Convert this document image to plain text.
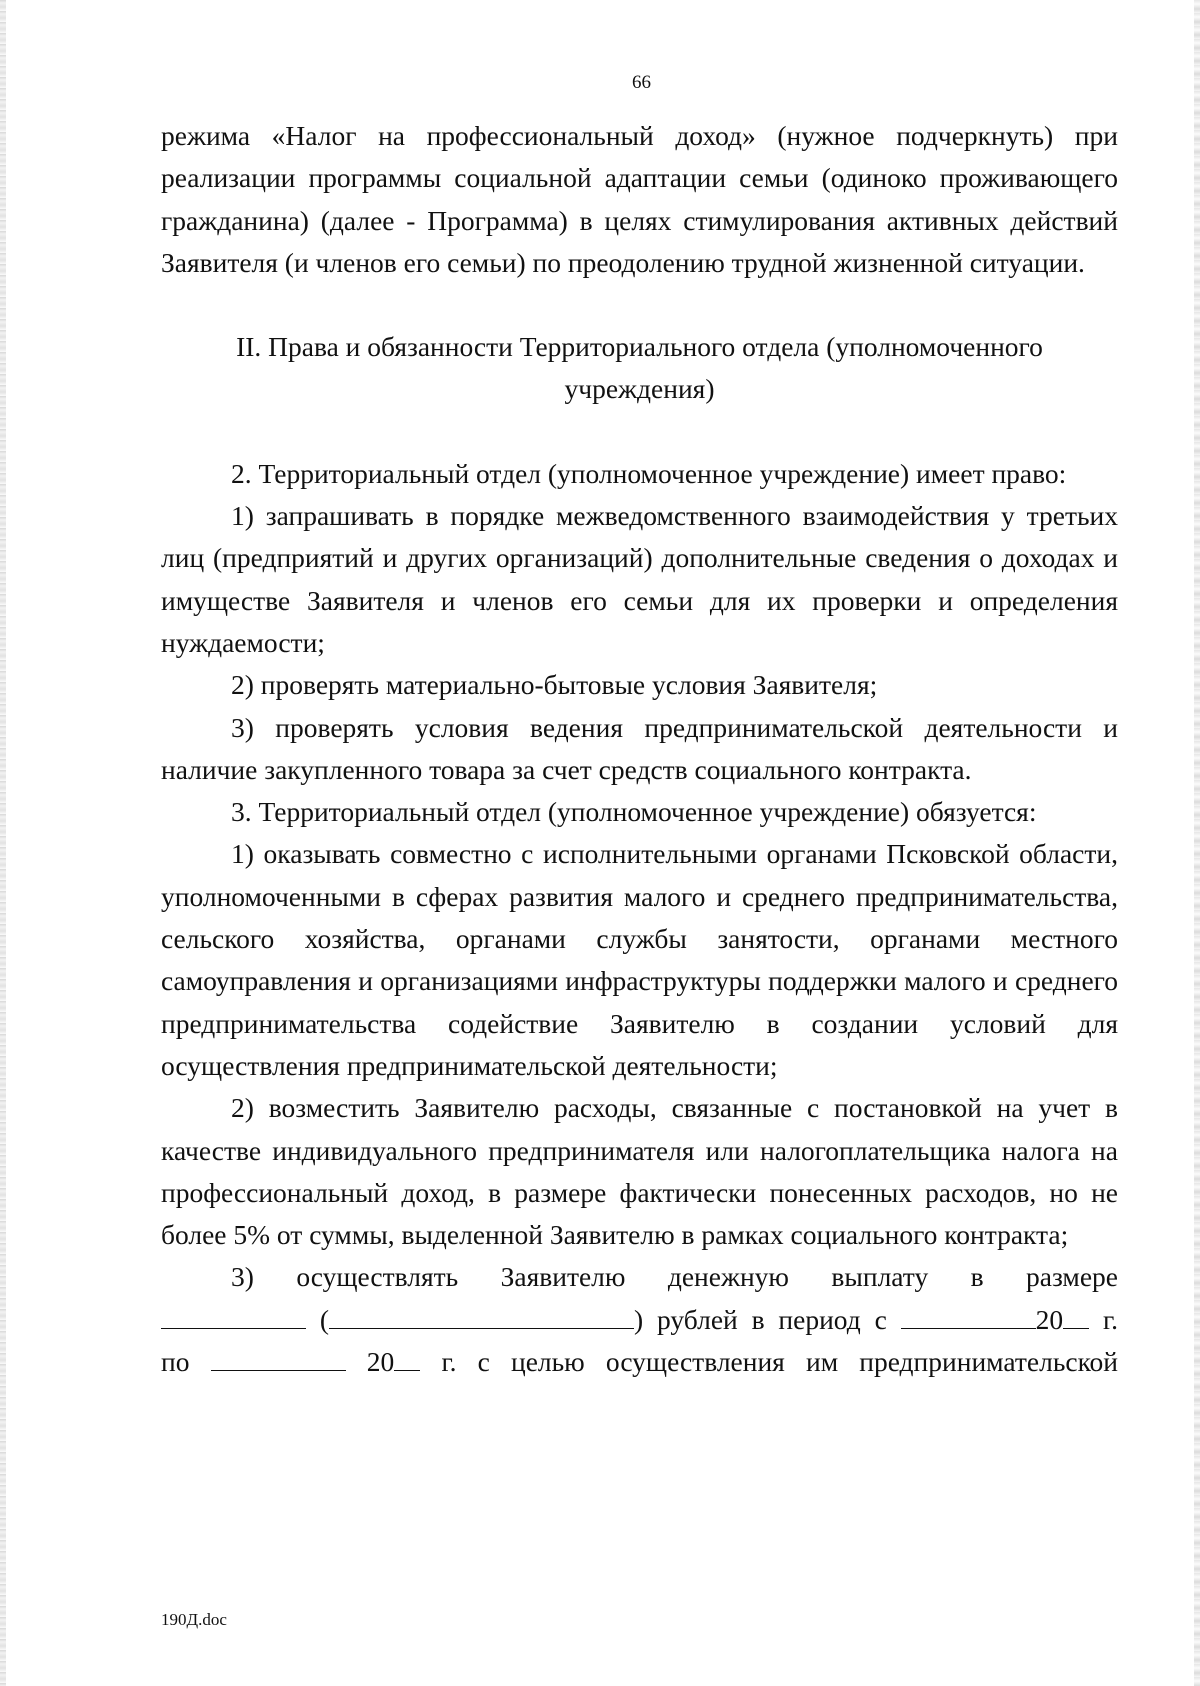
66

режима «Налог на профессиональный доход» (нужное подчеркнуть) при реализации программы социальной адаптации семьи (одиноко проживающего гражданина) (далее - Программа) в целях стимулирования активных действий Заявителя (и членов его семьи) по преодолению трудной жизненной ситуации.

II. Права и обязанности Территориального отдела (уполномоченного учреждения)

2. Территориальный отдел (уполномоченное учреждение) имеет право:

1) запрашивать в порядке межведомственного взаимодействия у третьих лиц (предприятий и других организаций) дополнительные сведения о доходах и имуществе Заявителя и членов его семьи для их проверки и определения нуждаемости;

2) проверять материально-бытовые условия Заявителя;

3) проверять условия ведения предпринимательской деятельности и наличие закупленного товара за счет средств социального контракта.

3. Территориальный отдел (уполномоченное учреждение) обязуется:

1) оказывать совместно с исполнительными органами Псковской области, уполномоченными в сферах развития малого и среднего предпринимательства, сельского хозяйства, органами службы занятости, органами местного самоуправления и организациями инфраструктуры поддержки малого и среднего предпринимательства содействие Заявителю в создании условий для осуществления предпринимательской деятельности;

2) возместить Заявителю расходы, связанные с постановкой на учет в качестве индивидуального предпринимателя или налогоплательщика налога на профессиональный доход, в размере фактически понесенных расходов, но не более 5% от суммы, выделенной Заявителю в рамках социального контракта;

3) осуществлять Заявителю денежную выплату в размере

(	) рублей в период с	20 г.

по	20 г. с целью осуществления им предпринимательской

190Д.doc
